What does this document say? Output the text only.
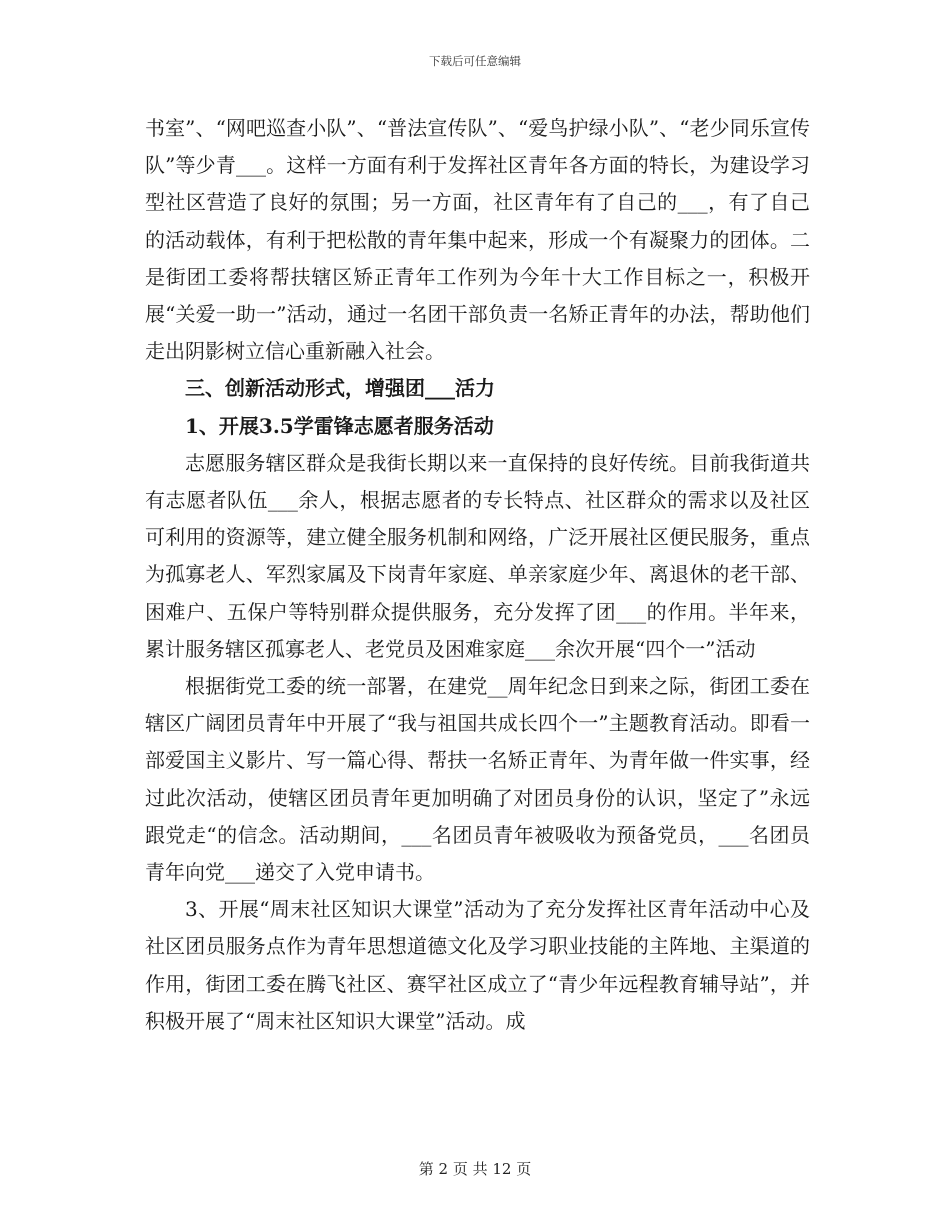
下载后可任意编辑

书室”、“网吧巡查小队”、“普法宣传队”、“爱鸟护绿小队”、“老少同乐宣传队”等少青___。这样一方面有利于发挥社区青年各方面的特长，为建设学习型社区营造了良好的氛围；另一方面，社区青年有了自己的___，有了自己的活动载体，有利于把松散的青年集中起来，形成一个有凝聚力的团体。二是街团工委将帮扶辖区矫正青年工作列为今年十大工作目标之一，积极开展“关爱一助一”活动，通过一名团干部负责一名矫正青年的办法，帮助他们走出阴影树立信心重新融入社会。

三、创新活动形式，增强团___活力

1、开展3.5学雷锋志愿者服务活动

志愿服务辖区群众是我街长期以来一直保持的良好传统。目前我街道共有志愿者队伍___余人，根据志愿者的专长特点、社区群众的需求以及社区可利用的资源等，建立健全服务机制和网络，广泛开展社区便民服务，重点为孤寡老人、军烈家属及下岗青年家庭、单亲家庭少年、离退休的老干部、困难户、五保户等特别群众提供服务，充分发挥了团___的作用。半年来，累计服务辖区孤寡老人、老党员及困难家庭___余次开展“四个一”活动

根据街党工委的统一部署，在建党__周年纪念日到来之际，街团工委在辖区广阔团员青年中开展了“我与祖国共成长四个一”主题教育活动。即看一部爱国主义影片、写一篇心得、帮扶一名矫正青年、为青年做一件实事，经过此次活动，使辖区团员青年更加明确了对团员身份的认识，坚定了”永远跟党走“的信念。活动期间，___名团员青年被吸收为预备党员，___名团员青年向党___递交了入党申请书。

3、开展“周末社区知识大课堂”活动为了充分发挥社区青年活动中心及社区团员服务点作为青年思想道德文化及学习职业技能的主阵地、主渠道的作用，街团工委在腾飞社区、赛罕社区成立了“青少年远程教育辅导站”，并积极开展了“周末社区知识大课堂”活动。成

第 2 页 共 12 页
